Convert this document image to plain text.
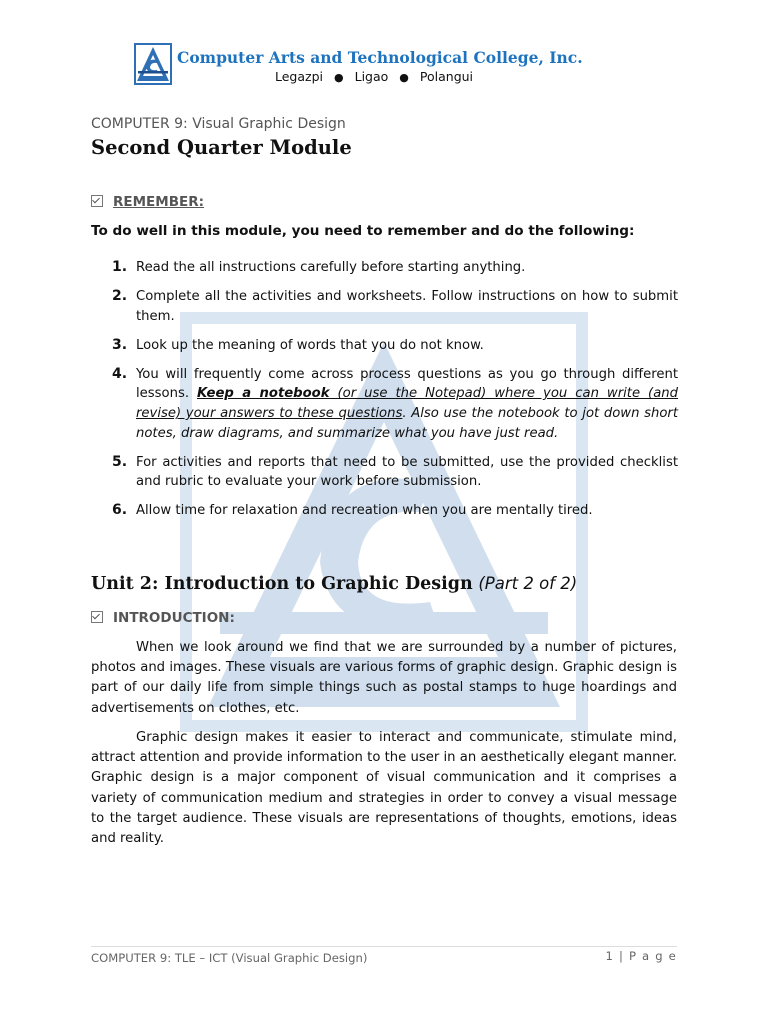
Computer Arts and Technological College, Inc.
Legazpi ● Ligao ● Polangui
COMPUTER 9: Visual Graphic Design
Second Quarter Module
REMEMBER:
To do well in this module, you need to remember and do the following:
1 .	Read the all instructions carefully before starting anything.
2 .	Complete all the activities and worksheets. Follow instructions on how to submit them.
3 .	Look up the meaning of words that you do not know.
4 .	You will frequently come across process questions as you go through different lessons. Keep a notebook (or use the Notepad) where you can write (and revise) your answers to these questions. Also use the notebook to jot down short notes, draw diagrams, and summarize what you have just read.
5 .	For activities and reports that need to be submitted, use the provided checklist and rubric to evaluate your work before submission.
6 .	Allow time for relaxation and recreation when you are mentally tired.
Unit 2: Introduction to Graphic Design (Part 2 of 2)
INTRODUCTION:

When we look around we find that we are surrounded by a number of pictures, photos and images. These visuals are various forms of graphic design. Graphic design is part of our daily life from simple things such as postal stamps to huge hoardings and advertisements on clothes, etc.

Graphic design makes it easier to interact and communicate, stimulate mind, attract attention and provide information to the user in an aesthetically elegant manner. Graphic design is a major component of visual communication and it comprises a variety of communication medium and strategies in order to convey a visual message to the target audience. These visuals are representations of thoughts, emotions, ideas and reality.

COMPUTER 9: TLE – ICT (Visual Graphic Design)	1 | P a g e
